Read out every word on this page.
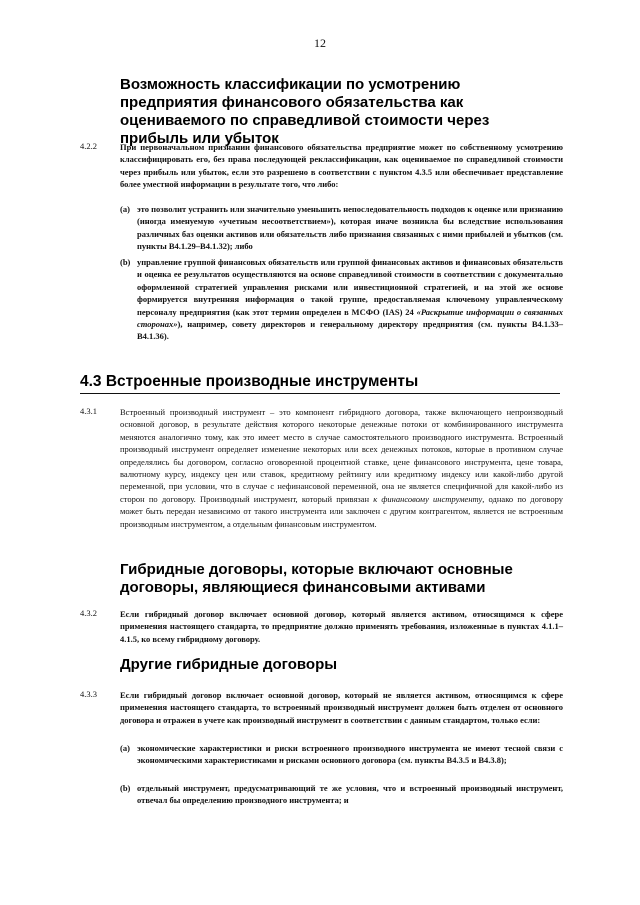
12
Возможность классификации по усмотрению предприятия финансового обязательства как оцениваемого по справедливой стоимости через прибыль или убыток
4.2.2	При первоначальном признании финансового обязательства предприятие может по собственному усмотрению классифицировать его, без права последующей реклассификации, как оцениваемое по справедливой стоимости через прибыль или убыток, если это разрешено в соответствии с пунктом 4.3.5 или обеспечивает представление более уместной информации в результате того, что либо:
(a) это позволит устранить или значительно уменьшить непоследовательность подходов к оценке или признанию (иногда именуемую «учетным несоответствием»), которая иначе возникла бы вследствие использования различных баз оценки активов или обязательств либо признания связанных с ними прибылей и убытков (см. пункты B4.1.29–B4.1.32); либо
(b) управление группой финансовых обязательств или группой финансовых активов и финансовых обязательств и оценка ее результатов осуществляются на основе справедливой стоимости в соответствии с документально оформленной стратегией управления рисками или инвестиционной стратегией, и на этой же основе формируется внутренняя информация о такой группе, предоставляемая ключевому управленческому персоналу предприятия (как этот термин определен в МСФО (IAS) 24 «Раскрытие информации о связанных сторонах»), например, совету директоров и генеральному директору предприятия (см. пункты B4.1.33–B4.1.36).
4.3 Встроенные производные инструменты
4.3.1	Встроенный производный инструмент – это компонент гибридного договора, также включающего непроизводный основной договор, в результате действия которого некоторые денежные потоки от комбинированного инструмента меняются аналогично тому, как это имеет место в случае самостоятельного производного инструмента. Встроенный производный инструмент определяет изменение некоторых или всех денежных потоков, которые в противном случае определялись бы договором, согласно оговоренной процентной ставке, цене финансового инструмента, цене товара, валютному курсу, индексу цен или ставок, кредитному рейтингу или кредитному индексу или какой-либо другой переменной, при условии, что в случае с нефинансовой переменной, она не является специфичной для какой-либо из сторон по договору. Производный инструмент, который привязан к финансовому инструменту, однако по договору может быть передан независимо от такого инструмента или заключен с другим контрагентом, является не встроенным производным инструментом, а отдельным финансовым инструментом.
Гибридные договоры, которые включают основные договоры, являющиеся финансовыми активами
4.3.2	Если гибридный договор включает основной договор, который является активом, относящимся к сфере применения настоящего стандарта, то предприятие должно применять требования, изложенные в пунктах 4.1.1–4.1.5, ко всему гибридному договору.
Другие гибридные договоры
4.3.3	Если гибридный договор включает основной договор, который не является активом, относящимся к сфере применения настоящего стандарта, то встроенный производный инструмент должен быть отделен от основного договора и отражен в учете как производный инструмент в соответствии с данным стандартом, только если:
(a) экономические характеристики и риски встроенного производного инструмента не имеют тесной связи с экономическими характеристиками и рисками основного договора (см. пункты B4.3.5 и B4.3.8);
(b) отдельный инструмент, предусматривающий те же условия, что и встроенный производный инструмент, отвечал бы определению производного инструмента; и
